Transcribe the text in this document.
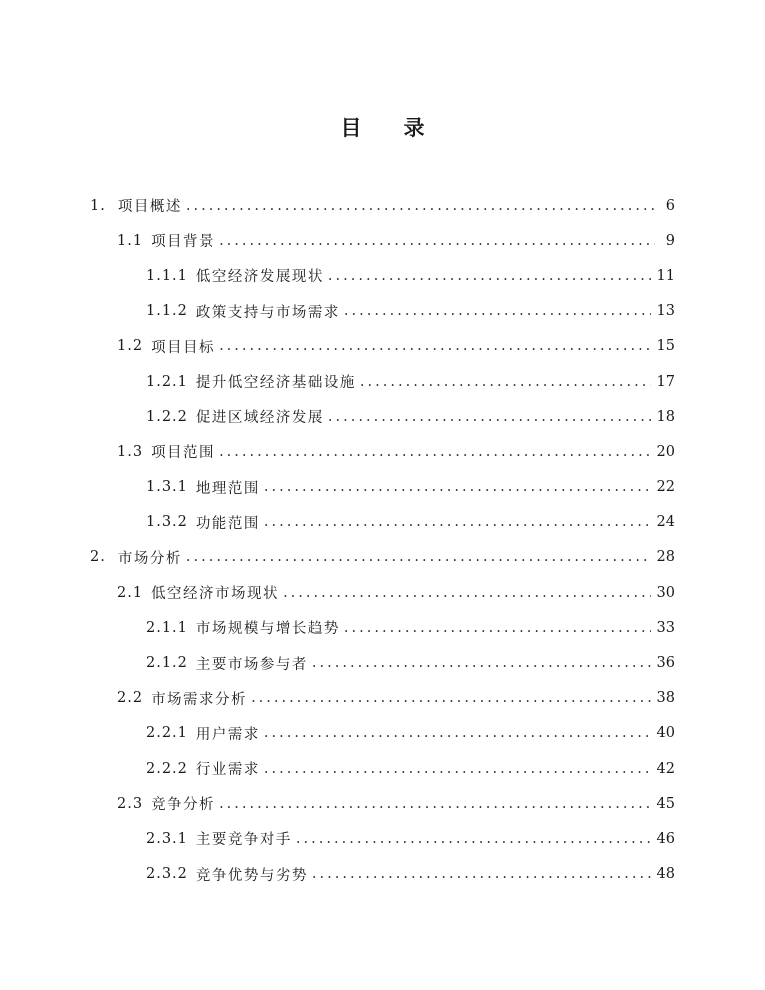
目 录
1. 项目概述 . . .	6
1.1 项目背景 . . .	9
1.1.1 低空经济发展现状 . . .	11
1.1.2 政策支持与市场需求 . . .	13
1.2 项目目标 . . .	15
1.2.1 提升低空经济基础设施 . . .	17
1.2.2 促进区域经济发展 . . .	18
1.3 项目范围 . . .	20
1.3.1 地理范围 . . .	22
1.3.2 功能范围 . . .	24
2. 市场分析 . . .	28
2.1 低空经济市场现状 . . .	30
2.1.1 市场规模与增长趋势 . . .	33
2.1.2 主要市场参与者 . . .	36
2.2 市场需求分析 . . .	38
2.2.1 用户需求 . . .	40
2.2.2 行业需求 . . .	42
2.3 竞争分析 . . .	45
2.3.1 主要竞争对手 . . .	46
2.3.2 竞争优势与劣势 . . .	48
